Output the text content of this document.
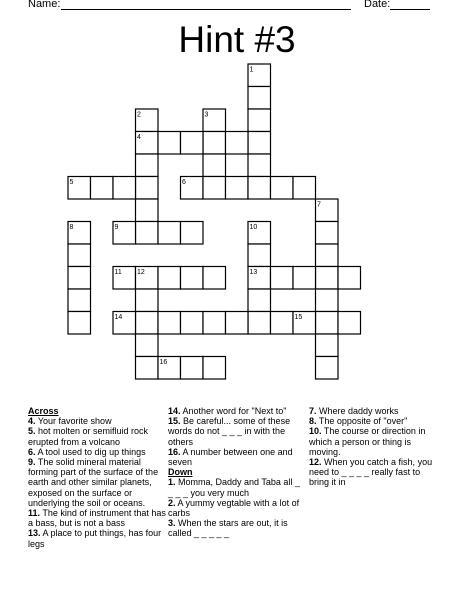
Name:	Date:
Hint #3
1
2	3
4
5	6
7
8	9	10
11 12	13
14	15
16
Across

4. Your favorite show

5. hot molten or semifluid rock erupted from a volcano

6. A tool used to dig up things

9. The solid mineral material forming part of the surface of the earth and other similar planets, exposed on the surface or underlying the soil or oceans.

11. The kind of instrument that has a bass, but is not a bass

13. A place to put things, has four legs

14. Another word for "Next to"

15. Be careful... some of these words do not _ _ _ in with the others

16. A number between one and seven

Down

1. Momma, Daddy and Taba all _ _ _ _ you very much

2. A yummy vegtable with a lot of carbs

3. When the stars are out, it is called _ _ _ _ _

7. Where daddy works

8. The opposite of "over"

10. The course or direction in which a person or thing is moving.

12. When you catch a fish, you need to _ _ _ _ really fast to bring it in
